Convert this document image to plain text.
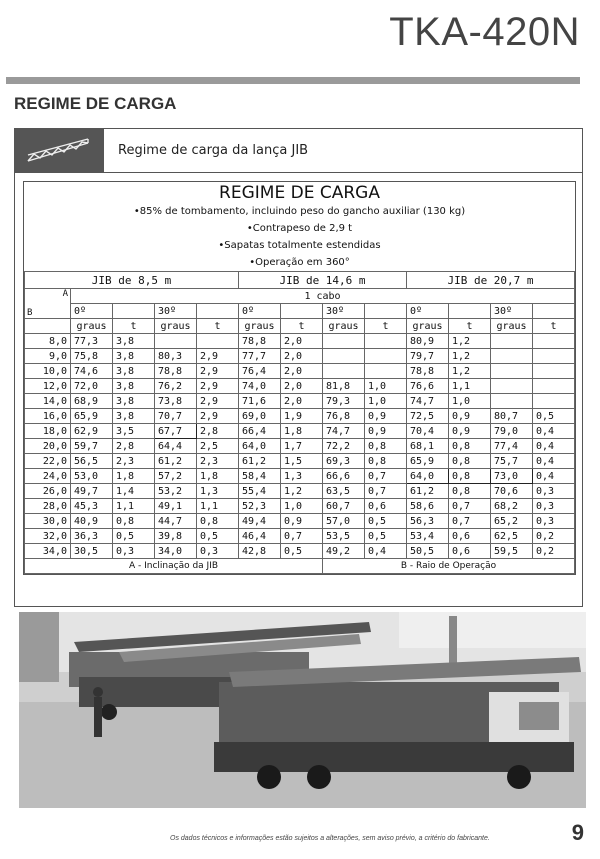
TKA-420N
REGIME DE CARGA
Regime de carga da lança JIB
REGIME DE CARGA
•85% de tombamento, incluindo peso do gancho auxiliar (130 kg)
•Contrapeso de 2,9 t
•Sapatas totalmente estendidas
•Operação em 360°
JIB de 8,5 m					JIB de 14,6 m				JIB de 20,7 m			

A
B	1 cabo											
	0º		30º		0º		30º		0º		30º	
	graus	t	graus	t	graus	t	graus	t	graus	t	graus	t
8,0	77,3	3,8			78,8	2,0			80,9	1,2		
9,0	75,8	3,8	80,3	2,9	77,7	2,0			79,7	1,2		
10,0	74,6	3,8	78,8	2,9	76,4	2,0			78,8	1,2		
12,0	72,0	3,8	76,2	2,9	74,0	2,0	81,8	1,0	76,6	1,1		
14,0	68,9	3,8	73,8	2,9	71,6	2,0	79,3	1,0	74,7	1,0		
16,0	65,9	3,8	70,7	2,9	69,0	1,9	76,8	0,9	72,5	0,9	80,7	0,5
18,0	62,9	3,5	67,7	2,8	66,4	1,8	74,7	0,9	70,4	0,9	79,0	0,4
20,0	59,7	2,8	64,4	2,5	64,0	1,7	72,2	0,8	68,1	0,8	77,4	0,4
22,0	56,5	2,3	61,2	2,3	61,2	1,5	69,3	0,8	65,9	0,8	75,7	0,4
24,0	53,0	1,8	57,2	1,8	58,4	1,3	66,6	0,7	64,0	0,8	73,0	0,4
26,0	49,7	1,4	53,2	1,3	55,4	1,2	63,5	0,7	61,2	0,8	70,6	0,3
28,0	45,3	1,1	49,1	1,1	52,3	1,0	60,7	0,6	58,6	0,7	68,2	0,3
30,0	40,9	0,8	44,7	0,8	49,4	0,9	57,0	0,5	56,3	0,7	65,2	0,3
32,0	36,3	0,5	39,8	0,5	46,4	0,7	53,5	0,5	53,4	0,6	62,5	0,2
34,0	30,5	0,3	34,0	0,3	42,8	0,5	49,2	0,4	50,5	0,6	59,5	0,2
A - Inclinação da JIB							B - Raio de Operação					
Os dados técnicos e informações estão sujeitos a alterações, sem aviso prévio, a critério do fabricante.	9
